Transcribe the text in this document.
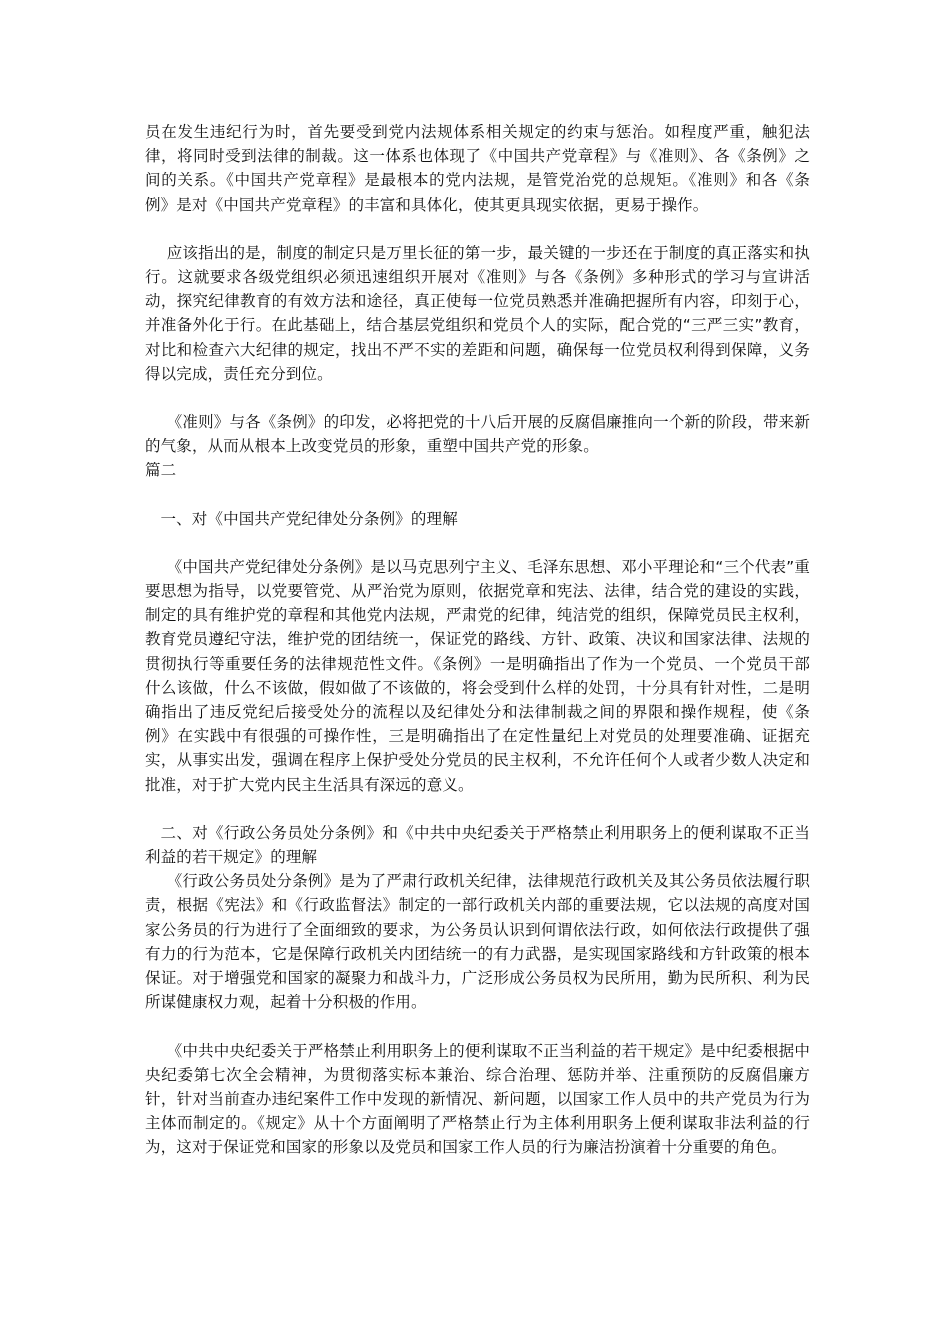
员在发生违纪行为时，首先要受到党内法规体系相关规定的约束与惩治。如程度严重，触犯法律，将同时受到法律的制裁。这一体系也体现了《中国共产党章程》与《准则》、各《条例》之间的关系。《中国共产党章程》是最根本的党内法规，是管党治党的总规矩。《准则》和各《条例》是对《中国共产党章程》的丰富和具体化，使其更具现实依据，更易于操作。

应该指出的是，制度的制定只是万里长征的第一步，最关键的一步还在于制度的真正落实和执行。这就要求各级党组织必须迅速组织开展对《准则》与各《条例》多种形式的学习与宣讲活动，探究纪律教育的有效方法和途径，真正使每一位党员熟悉并准确把握所有内容，印刻于心，并准备外化于行。在此基础上，结合基层党组织和党员个人的实际，配合党的“三严三实”教育，对比和检查六大纪律的规定，找出不严不实的差距和问题，确保每一位党员权利得到保障，义务得以完成，责任充分到位。

《准则》与各《条例》的印发，必将把党的十八后开展的反腐倡廉推向一个新的阶段，带来新的气象，从而从根本上改变党员的形象，重塑中国共产党的形象。

篇二

一、对《中国共产党纪律处分条例》的理解

《中国共产党纪律处分条例》是以马克思列宁主义、毛泽东思想、邓小平理论和“三个代表”重要思想为指导，以党要管党、从严治党为原则，依据党章和宪法、法律，结合党的建设的实践，制定的具有维护党的章程和其他党内法规，严肃党的纪律，纯洁党的组织，保障党员民主权利，教育党员遵纪守法，维护党的团结统一，保证党的路线、方针、政策、决议和国家法律、法规的贯彻执行等重要任务的法律规范性文件。《条例》一是明确指出了作为一个党员、一个党员干部什么该做，什么不该做，假如做了不该做的，将会受到什么样的处罚，十分具有针对性，二是明确指出了违反党纪后接受处分的流程以及纪律处分和法律制裁之间的界限和操作规程，使《条例》在实践中有很强的可操作性，三是明确指出了在定性量纪上对党员的处理要准确、证据充实，从事实出发，强调在程序上保护受处分党员的民主权利，不允许任何个人或者少数人决定和批准，对于扩大党内民主生活具有深远的意义。

二、对《行政公务员处分条例》和《中共中央纪委关于严格禁止利用职务上的便利谋取不正当利益的若干规定》的理解

《行政公务员处分条例》是为了严肃行政机关纪律，法律规范行政机关及其公务员依法履行职责，根据《宪法》和《行政监督法》制定的一部行政机关内部的重要法规，它以法规的高度对国家公务员的行为进行了全面细致的要求，为公务员认识到何谓依法行政，如何依法行政提供了强有力的行为范本，它是保障行政机关内团结统一的有力武器，是实现国家路线和方针政策的根本保证。对于增强党和国家的凝聚力和战斗力，广泛形成公务员权为民所用，勤为民所积、利为民所谋健康权力观，起着十分积极的作用。

《中共中央纪委关于严格禁止利用职务上的便利谋取不正当利益的若干规定》是中纪委根据中央纪委第七次全会精神，为贯彻落实标本兼治、综合治理、惩防并举、注重预防的反腐倡廉方针，针对当前查办违纪案件工作中发现的新情况、新问题，以国家工作人员中的共产党员为行为主体而制定的。《规定》从十个方面阐明了严格禁止行为主体利用职务上便利谋取非法利益的行为，这对于保证党和国家的形象以及党员和国家工作人员的行为廉洁扮演着十分重要的角色。
